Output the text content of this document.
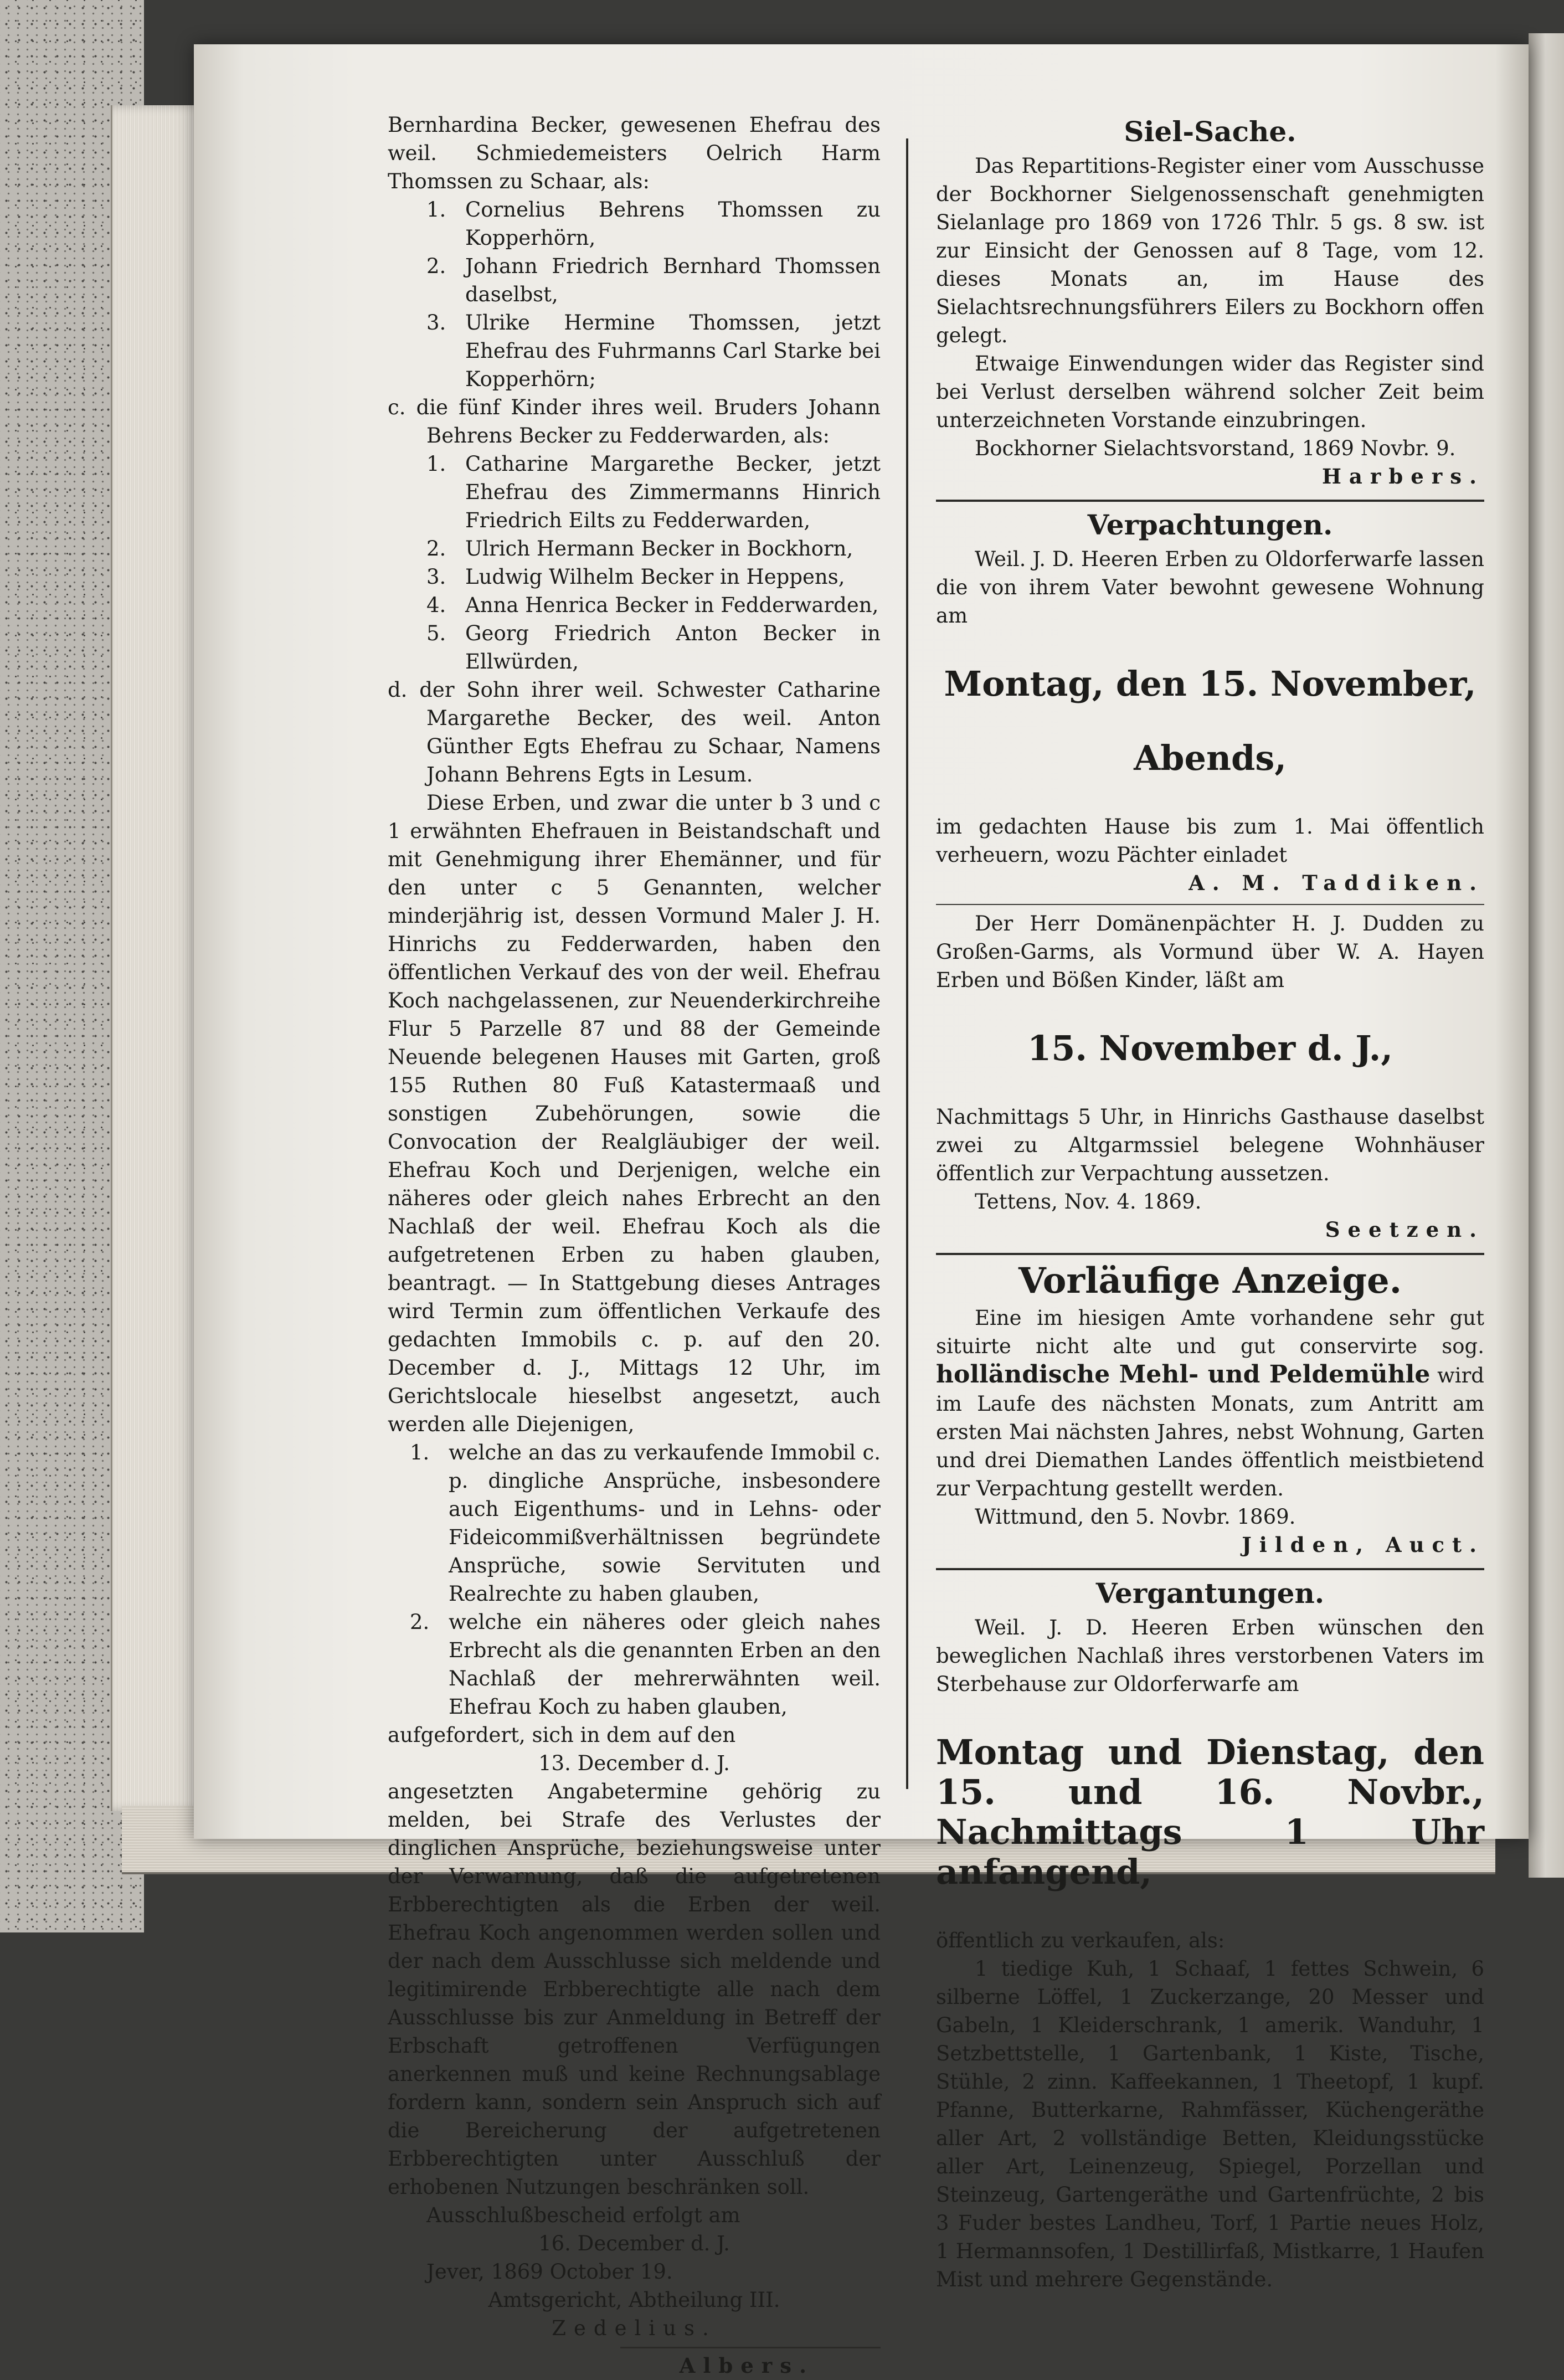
Bernhardina Becker, gewesenen Ehefrau des weil. Schmiedemeisters Oelrich Harm Thomssen zu Schaar, als:

1. Cornelius Behrens Thomssen zu Kopperhörn,

2. Johann Friedrich Bernhard Thomssen daselbst,

3. Ulrike Hermine Thomssen, jetzt Ehefrau des Fuhrmanns Carl Starke bei Kopperhörn;

c. die fünf Kinder ihres weil. Bruders Johann Behrens Becker zu Fedderwarden, als:

1. Catharine Margarethe Becker, jetzt Ehefrau des Zimmermanns Hinrich Friedrich Eilts zu Fedderwarden,

2. Ulrich Hermann Becker in Bockhorn,

3. Ludwig Wilhelm Becker in Heppens,

4. Anna Henrica Becker in Fedderwarden,

5. Georg Friedrich Anton Becker in Ellwürden,

d. der Sohn ihrer weil. Schwester Catharine Margarethe Becker, des weil. Anton Günther Egts Ehefrau zu Schaar, Namens Johann Behrens Egts in Lesum.

Diese Erben, und zwar die unter b 3 und c 1 erwähnten Ehefrauen in Beistandschaft und mit Genehmigung ihrer Ehemänner, und für den unter c 5 Genannten, welcher minderjährig ist, dessen Vormund Maler J. H. Hinrichs zu Fedderwarden, haben den öffentlichen Verkauf des von der weil. Ehefrau Koch nachgelassenen, zur Neuenderkirchreihe Flur 5 Parzelle 87 und 88 der Gemeinde Neuende belegenen Hauses mit Garten, groß 155 Ruthen 80 Fuß Katastermaaß und sonstigen Zubehörungen, sowie die Convocation der Realgläubiger der weil. Ehefrau Koch und Derjenigen, welche ein näheres oder gleich nahes Erbrecht an den Nachlaß der weil. Ehefrau Koch als die aufgetretenen Erben zu haben glauben, beantragt. — In Stattgebung dieses Antrages wird Termin zum öffentlichen Verkaufe des gedachten Immobils c. p. auf den 20. December d. J., Mittags 12 Uhr, im Gerichtslocale hieselbst angesetzt, auch werden alle Diejenigen,

1. welche an das zu verkaufende Immobil c. p. dingliche Ansprüche, insbesondere auch Eigenthums- und in Lehns- oder Fideicommißverhältnissen begründete Ansprüche, sowie Servituten und Realrechte zu haben glauben,

2. welche ein näheres oder gleich nahes Erbrecht als die genannten Erben an den Nachlaß der mehrerwähnten weil. Ehefrau Koch zu haben glauben,

aufgefordert, sich in dem auf den

13. December d. J.

angesetzten Angabetermine gehörig zu melden, bei Strafe des Verlustes der dinglichen Ansprüche, beziehungsweise unter der Verwarnung, daß die aufgetretenen Erbberechtigten als die Erben der weil. Ehefrau Koch angenommen werden sollen und der nach dem Ausschlusse sich meldende und legitimirende Erbberechtigte alle nach dem Ausschlusse bis zur Anmeldung in Betreff der Erbschaft getroffenen Verfügungen anerkennen muß und keine Rechnungsablage fordern kann, sondern sein Anspruch sich auf die Bereicherung der aufgetretenen Erbberechtigten unter Ausschluß der erhobenen Nutzungen beschränken soll.

Ausschlußbescheid erfolgt am

16. December d. J.

Jever, 1869 October 19.

Amtsgericht, Abtheilung III.

Zedelius.

Albers.

Siel-Sache.

Das Repartitions-Register einer vom Ausschusse der Bockhorner Sielgenossenschaft genehmigten Sielanlage pro 1869 von 1726 Thlr. 5 gs. 8 sw. ist zur Einsicht der Genossen auf 8 Tage, vom 12. dieses Monats an, im Hause des Sielachtsrechnungsführers Eilers zu Bockhorn offen gelegt.

Etwaige Einwendungen wider das Register sind bei Verlust derselben während solcher Zeit beim unterzeichneten Vorstande einzubringen.

Bockhorner Sielachtsvorstand, 1869 Novbr. 9.

Harbers.

Verpachtungen.

Weil. J. D. Heeren Erben zu Oldorferwarfe lassen die von ihrem Vater bewohnt gewesene Wohnung am

Montag, den 15. November,

Abends,

im gedachten Hause bis zum 1. Mai öffentlich verheuern, wozu Pächter einladet

A. M. Taddiken.

Der Herr Domänenpächter H. J. Dudden zu Großen-Garms, als Vormund über W. A. Hayen Erben und Bößen Kinder, läßt am

15. November d. J.,

Nachmittags 5 Uhr, in Hinrichs Gasthause daselbst zwei zu Altgarmssiel belegene Wohnhäuser öffentlich zur Verpachtung aussetzen.

Tettens, Nov. 4. 1869.

Seetzen.

Vorläufige Anzeige.

Eine im hiesigen Amte vorhandene sehr gut situirte nicht alte und gut conservirte sog. holländische Mehl- und Peldemühle wird im Laufe des nächsten Monats, zum Antritt am ersten Mai nächsten Jahres, nebst Wohnung, Garten und drei Diemathen Landes öffentlich meistbietend zur Verpachtung gestellt werden.

Wittmund, den 5. Novbr. 1869.

Jilden, Auct.

Vergantungen.

Weil. J. D. Heeren Erben wünschen den beweglichen Nachlaß ihres verstorbenen Vaters im Sterbehause zur Oldorferwarfe am

Montag und Dienstag, den 15. und 16. Novbr., Nachmittags 1 Uhr anfangend,

öffentlich zu verkaufen, als:

1 tiedige Kuh, 1 Schaaf, 1 fettes Schwein, 6 silberne Löffel, 1 Zuckerzange, 20 Messer und Gabeln, 1 Kleiderschrank, 1 amerik. Wanduhr, 1 Setzbettstelle, 1 Gartenbank, 1 Kiste, Tische, Stühle, 2 zinn. Kaffeekannen, 1 Theetopf, 1 kupf. Pfanne, Butterkarne, Rahmfässer, Küchengeräthe aller Art, 2 vollständige Betten, Kleidungsstücke aller Art, Leinenzeug, Spiegel, Porzellan und Steinzeug, Gartengeräthe und Gartenfrüchte, 2 bis 3 Fuder bestes Landheu, Torf, 1 Partie neues Holz, 1 Hermannsofen, 1 Destillirfaß, Mistkarre, 1 Haufen Mist und mehrere Gegenstände.
